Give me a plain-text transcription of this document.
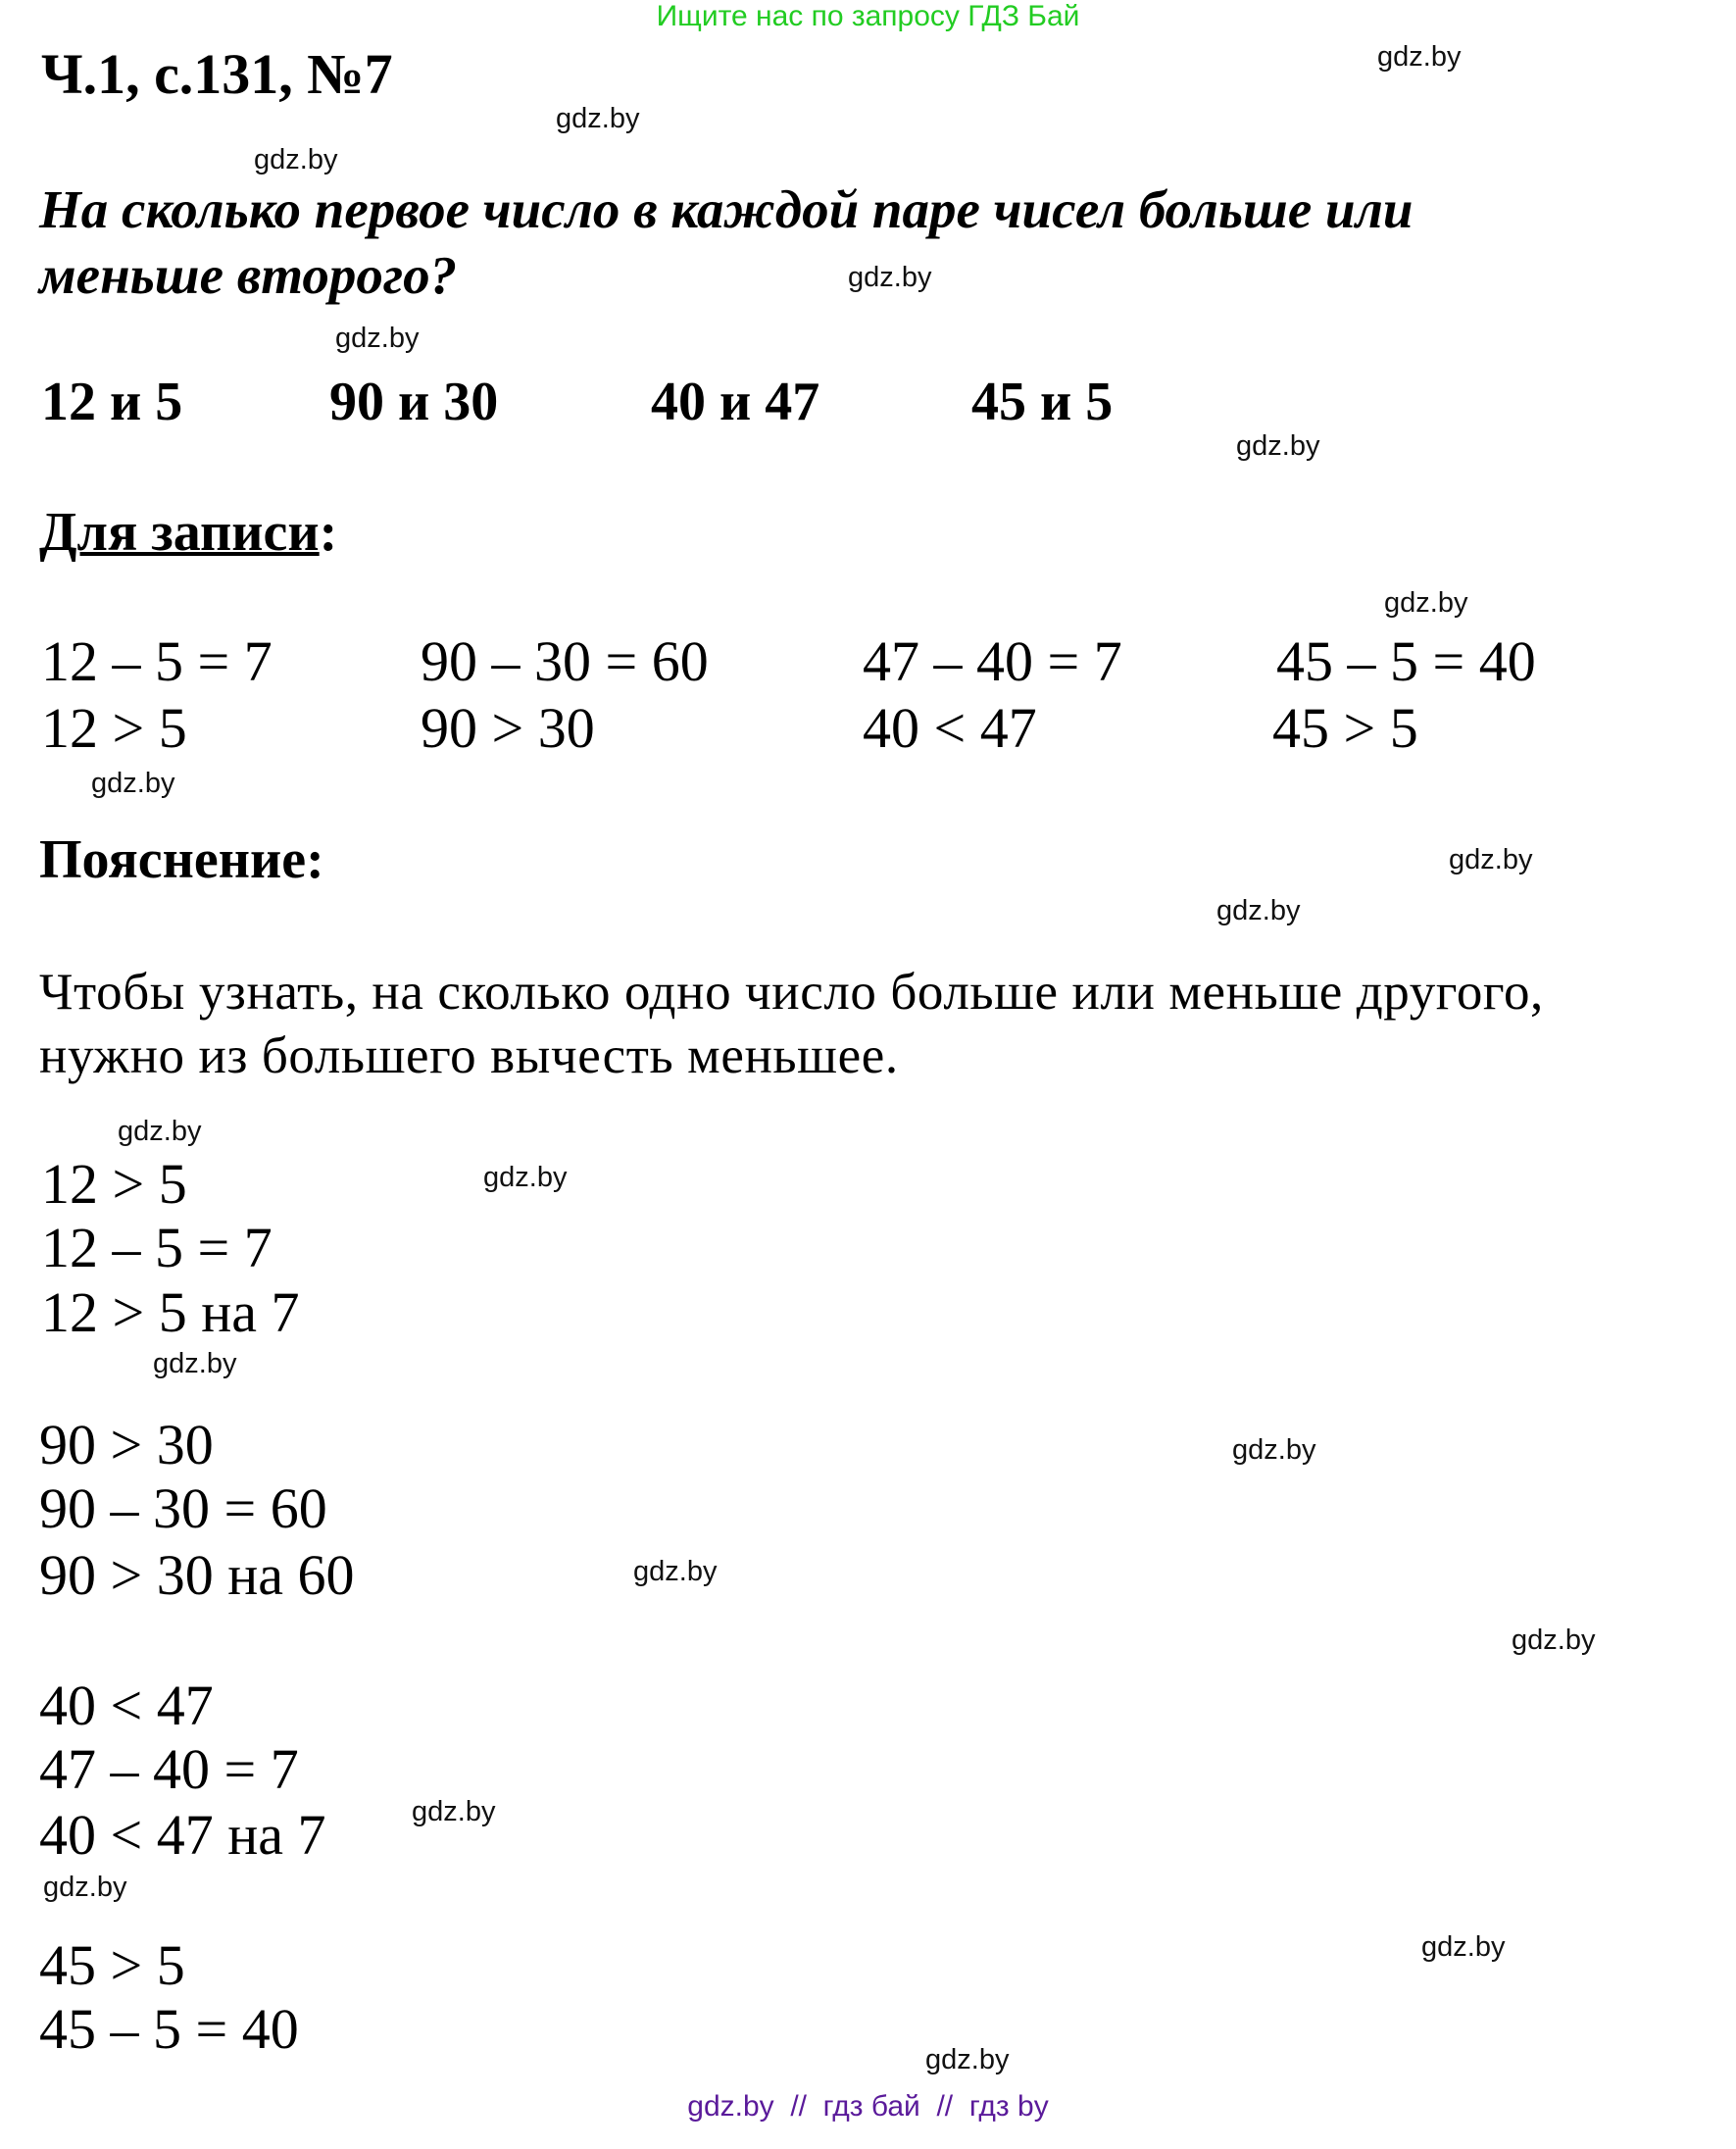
Ищите нас по запросу ГДЗ Бай
Ч.1, с.131, №7
На сколько первое число в каждой паре чисел больше или
меньше второго?
12 и 5	90 и 30	40 и 47	45 и 5
Для записи:
12 – 5 = 7	90 – 30 = 60	47 – 40 = 7	45 – 5 = 40
12 > 5	90 > 30	40 < 47	45 > 5
Пояснение:
Чтобы узнать, на сколько одно число больше или меньше другого,
нужно из большего вычесть меньшее.
12 > 5
12 – 5 = 7
12 > 5 на 7
90 > 30
90 – 30 = 60
90 > 30 на 60
40 < 47
47 – 40 = 7
40 < 47 на 7
45 > 5
45 – 5 = 40
gdz.by
gdz.by
gdz.by
gdz.by
gdz.by
gdz.by
gdz.by
gdz.by
gdz.by
gdz.by
gdz.by
gdz.by
gdz.by
gdz.by
gdz.by
gdz.by
gdz.by
gdz.by
gdz.by
gdz.by
gdz.by  //  гдз бай  //  гдз by
